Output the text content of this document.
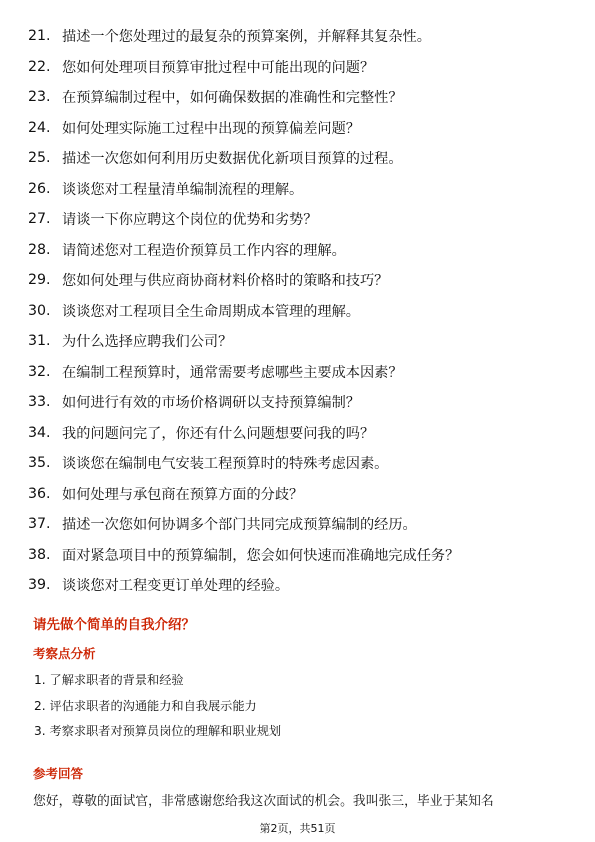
21. 描述一个您处理过的最复杂的预算案例，并解释其复杂性。
22. 您如何处理项目预算审批过程中可能出现的问题？
23. 在预算编制过程中，如何确保数据的准确性和完整性？
24. 如何处理实际施工过程中出现的预算偏差问题？
25. 描述一次您如何利用历史数据优化新项目预算的过程。
26. 谈谈您对工程量清单编制流程的理解。
27. 请谈一下你应聘这个岗位的优势和劣势？
28. 请简述您对工程造价预算员工作内容的理解。
29. 您如何处理与供应商协商材料价格时的策略和技巧？
30. 谈谈您对工程项目全生命周期成本管理的理解。
31. 为什么选择应聘我们公司？
32. 在编制工程预算时，通常需要考虑哪些主要成本因素？
33. 如何进行有效的市场价格调研以支持预算编制？
34. 我的问题问完了，你还有什么问题想要问我的吗？
35. 谈谈您在编制电气安装工程预算时的特殊考虑因素。
36. 如何处理与承包商在预算方面的分歧？
37. 描述一次您如何协调多个部门共同完成预算编制的经历。
38. 面对紧急项目中的预算编制，您会如何快速而准确地完成任务？
39. 谈谈您对工程变更订单处理的经验。
请先做个简单的自我介绍？
考察点分析
1. 了解求职者的背景和经验
2. 评估求职者的沟通能力和自我展示能力
3. 考察求职者对预算员岗位的理解和职业规划
参考回答
您好，尊敬的面试官，非常感谢您给我这次面试的机会。我叫张三，毕业于某知名
第2页，共51页
